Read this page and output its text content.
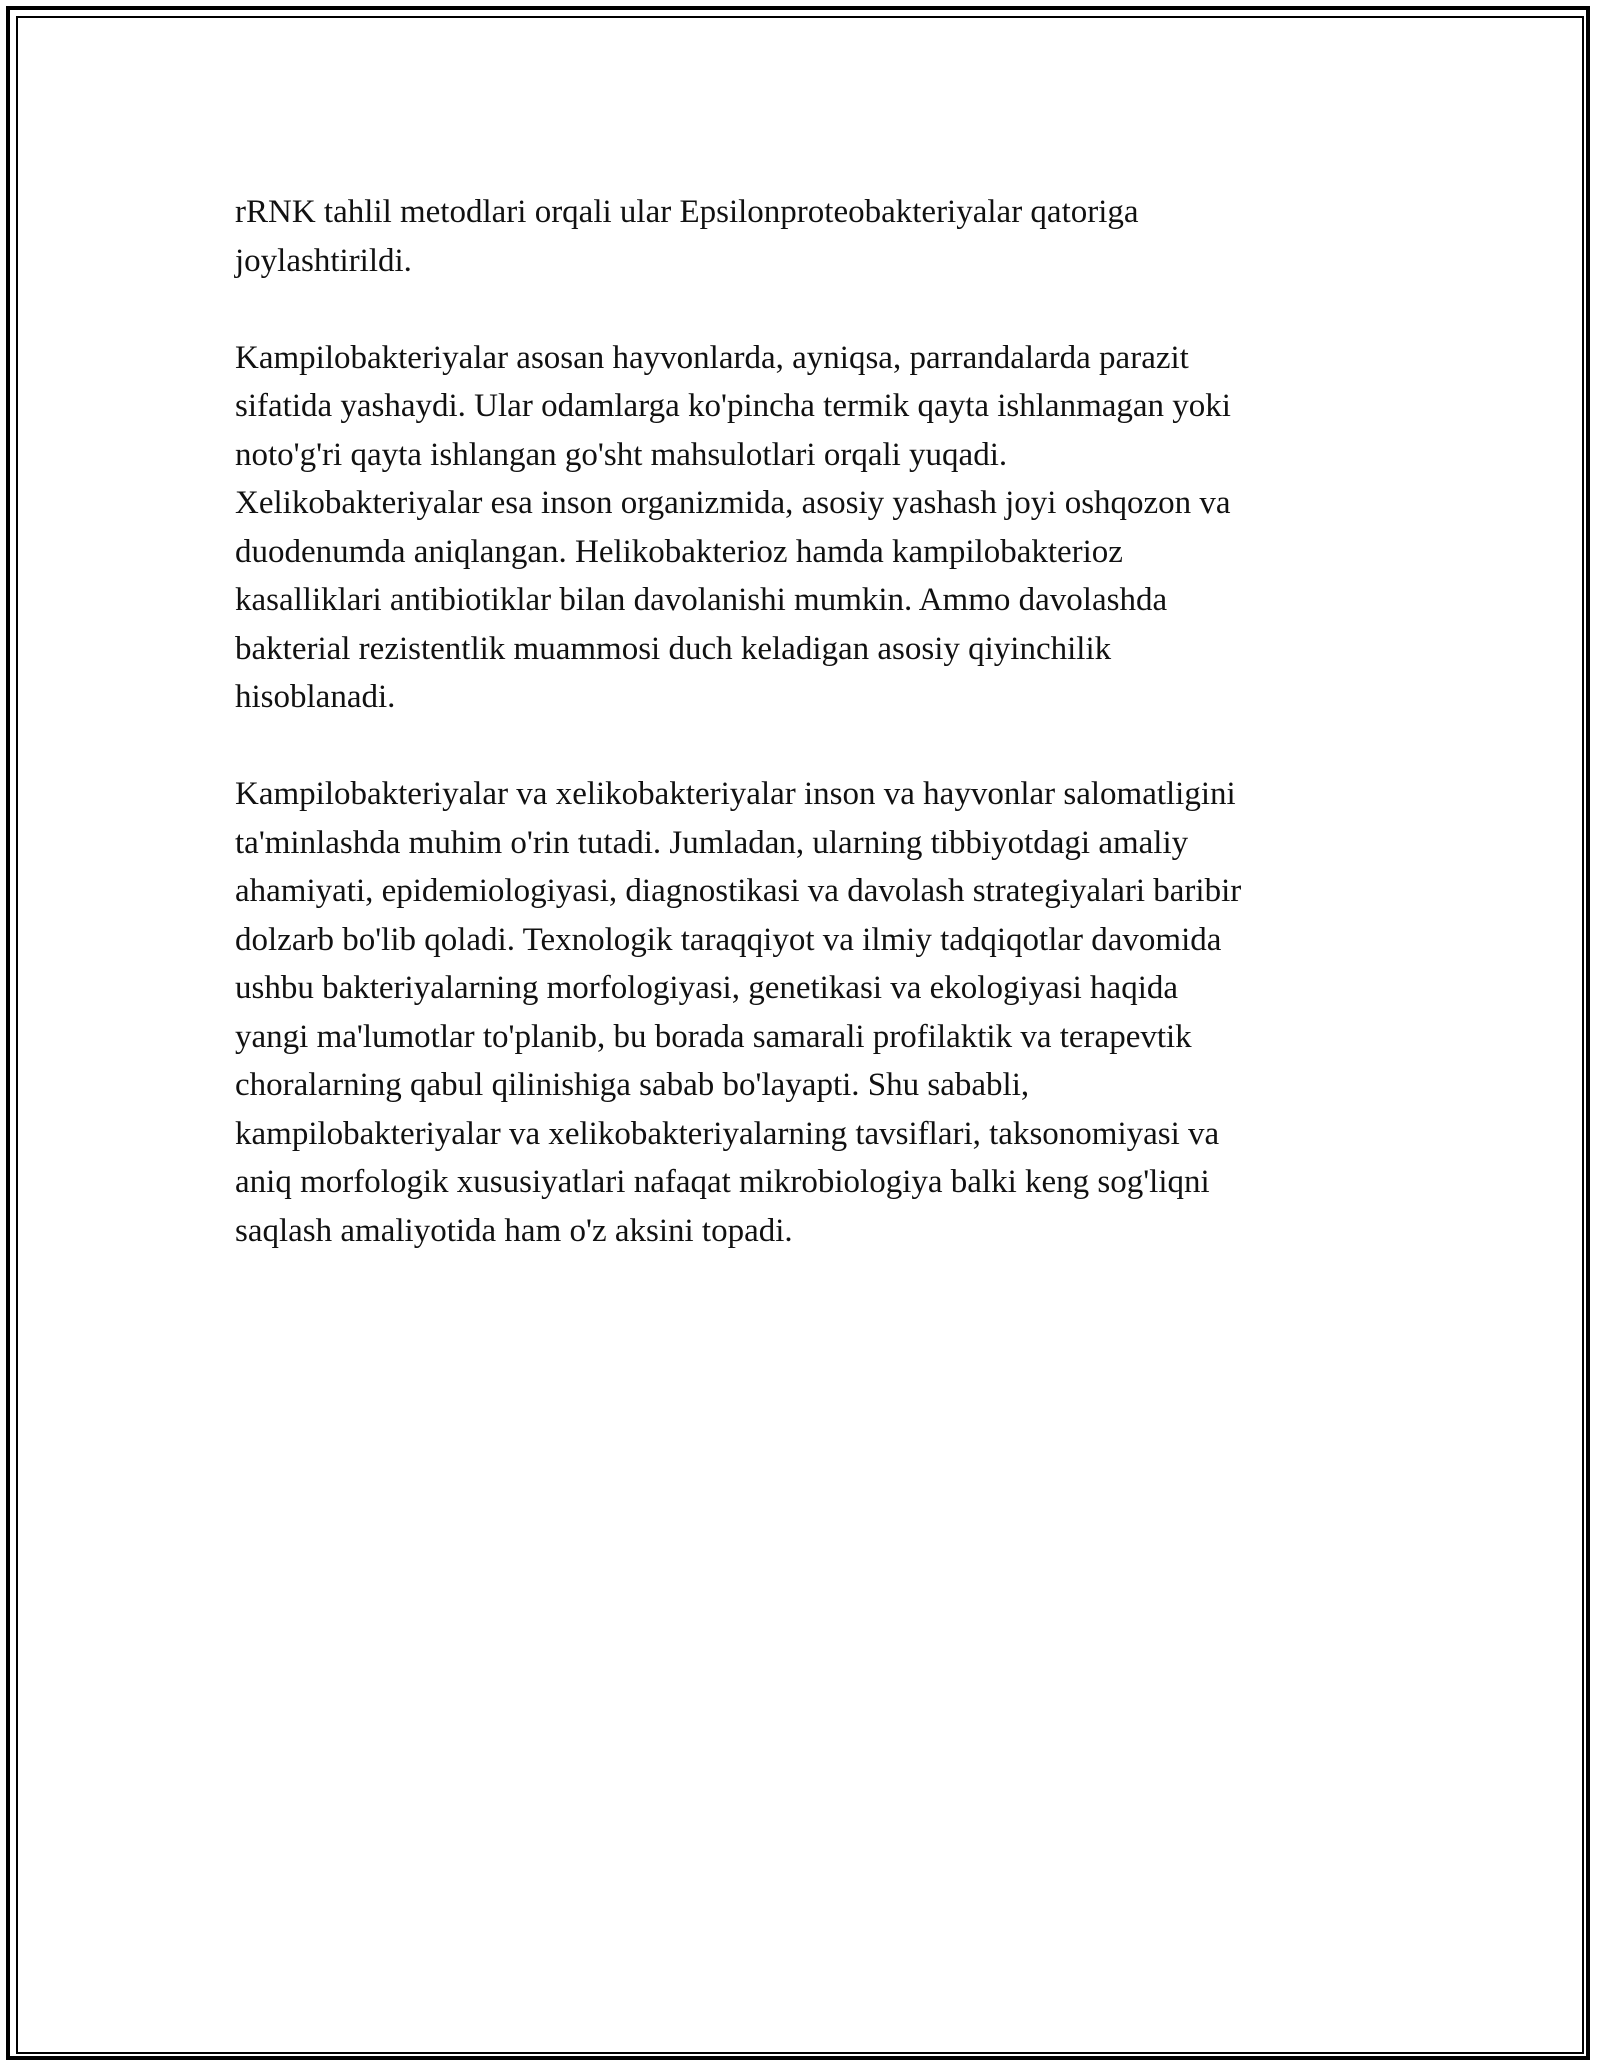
rRNK tahlil metodlari orqali ular Epsilonproteobakteriyalar qatoriga
joylashtirildi.

Kampilobakteriyalar asosan hayvonlarda, ayniqsa, parrandalarda parazit
sifatida yashaydi. Ular odamlarga ko'pincha termik qayta ishlanmagan yoki
noto'g'ri qayta ishlangan go'sht mahsulotlari orqali yuqadi.
Xelikobakteriyalar esa inson organizmida, asosiy yashash joyi oshqozon va
duodenumda aniqlangan. Helikobakterioz hamda kampilobakterioz
kasalliklari antibiotiklar bilan davolanishi mumkin. Ammo davolashda
bakterial rezistentlik muammosi duch keladigan asosiy qiyinchilik
hisoblanadi.

Kampilobakteriyalar va xelikobakteriyalar inson va hayvonlar salomatligini
ta'minlashda muhim o'rin tutadi. Jumladan, ularning tibbiyotdagi amaliy
ahamiyati, epidemiologiyasi, diagnostikasi va davolash strategiyalari baribir
dolzarb bo'lib qoladi. Texnologik taraqqiyot va ilmiy tadqiqotlar davomida
ushbu bakteriyalarning morfologiyasi, genetikasi va ekologiyasi haqida
yangi ma'lumotlar to'planib, bu borada samarali profilaktik va terapevtik
choralarning qabul qilinishiga sabab bo'layapti. Shu sababli,
kampilobakteriyalar va xelikobakteriyalarning tavsiflari, taksonomiyasi va
aniq morfologik xususiyatlari nafaqat mikrobiologiya balki keng sog'liqni
saqlash amaliyotida ham o'z aksini topadi.
